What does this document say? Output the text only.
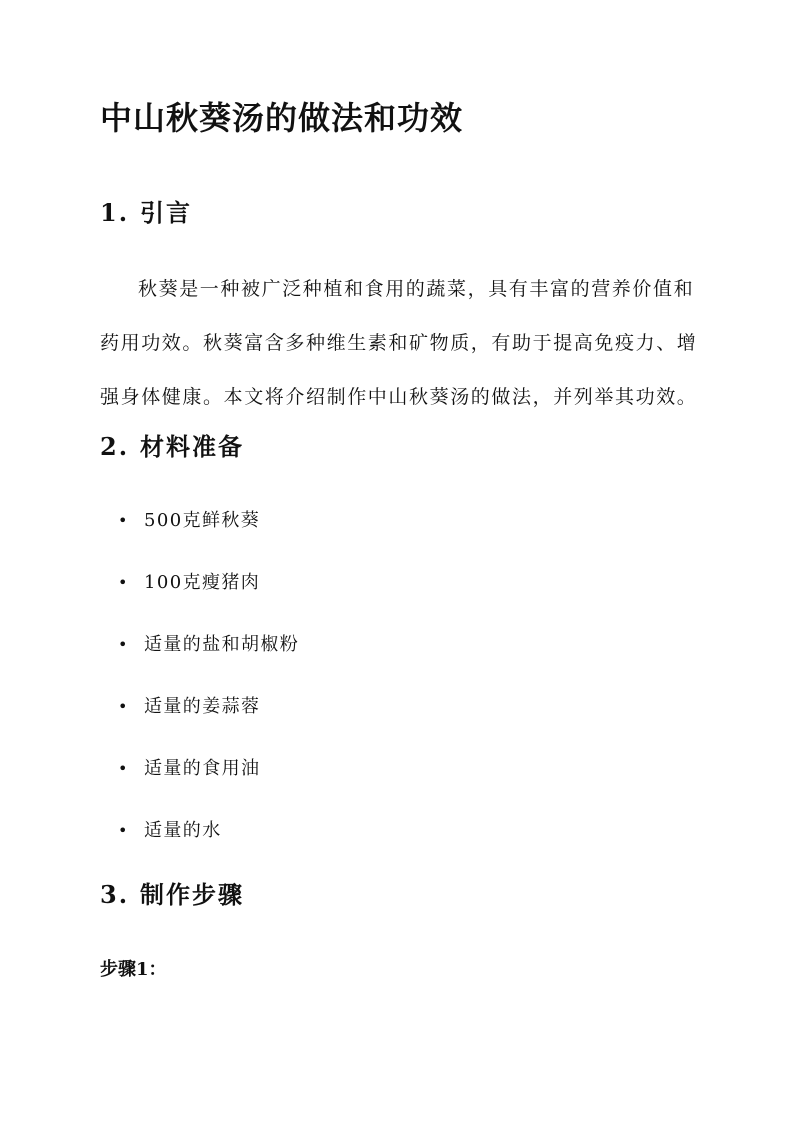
中山秋葵汤的做法和功效
1. 引言

秋葵是一种被广泛种植和食用的蔬菜，具有丰富的营养价值和
药用功效。秋葵富含多种维生素和矿物质，有助于提高免疫力、增
强身体健康。本文将介绍制作中山秋葵汤的做法，并列举其功效。

2. 材料准备
• 500克鲜秋葵
• 100克瘦猪肉
• 适量的盐和胡椒粉
• 适量的姜蒜蓉
• 适量的食用油
• 适量的水
3. 制作步骤

步骤1：
